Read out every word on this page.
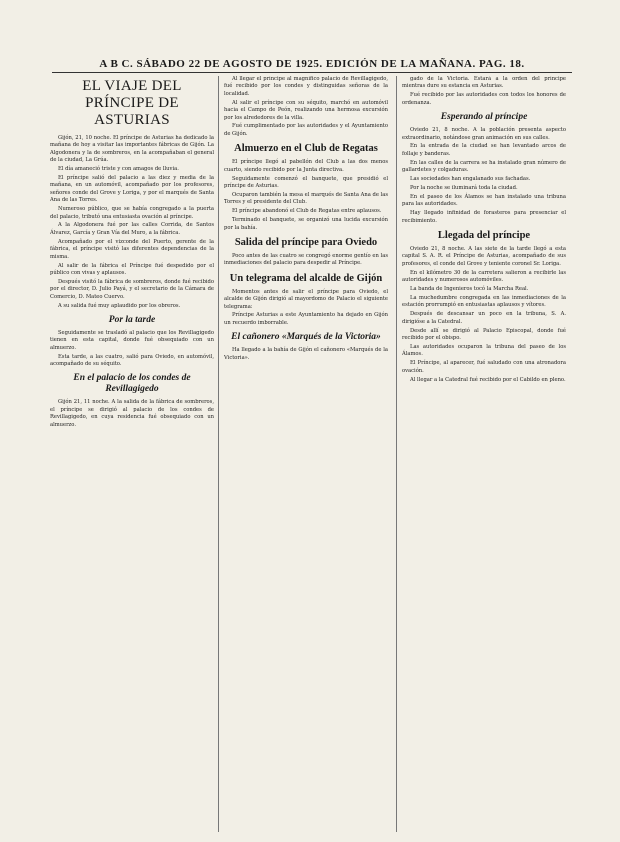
A B C. SÁBADO 22 DE AGOSTO DE 1925. EDICIÓN DE LA MAÑANA. PAG. 18.
EL VIAJE DEL PRÍNCIPE DE ASTURIAS

Gijón, 21, 10 noche. El príncipe de Asturias ha dedicado la mañana de hoy a visitar las importantes fábricas de Gijón. La Algodonera y la de sombreros, en la acompañaban el general de la ciudad, La Grúa.

El día amaneció triste y con amagos de lluvia.

El príncipe salió del palacio a las diez y media de la mañana, en un automóvil, acompañado por los profesores, señores conde del Grove y Loriga, y por el marqués de Santa Ana de las Torres.

Numeroso público, que se había congregado a la puerta del palacio, tributó una entusiasta ovación al príncipe.

A la Algodonera fué por las calles Corrida, de Santos Álvarez, García y Gran Vía del Muro, a la fábrica.

Acompañado por el vizconde del Puerto, gerente de la fábrica, el príncipe visitó las diferentes dependencias de la misma.

Al salir de la fábrica el Príncipe fué despedido por el público con vivas y aplausos.

Después visitó la fábrica de sombreros, donde fué recibido por el director, D. Julio Payá, y el secretario de la Cámara de Comercio, D. Mateo Cuervo.

A su salida fué muy aplaudido por los obreros.

Por la tarde

Seguidamente se trasladó al palacio que los Revillagigedo tienen en esta capital, donde fué obsequiado con un almuerzo.

Esta tarde, a las cuatro, salió para Oviedo, en automóvil, acompañado de su séquito.

En el palacio de los condes de Revillagigedo

Gijón 21, 11 noche. A la salida de la fábrica de sombreros, el príncipe se dirigió al palacio de los condes de Revillagigedo, en cuya residencia fué obsequiado con un almuerzo.

Al llegar el príncipe al magnífico palacio de Revillagigedo, fué recibido por los condes y distinguidas señoras de la localidad.

Al salir el príncipe con su séquito, marchó en automóvil hacia el Campo de Peón, realizando una hermosa excursión por los alrededores de la villa.

Fué cumplimentado por las autoridades y el Ayuntamiento de Gijón.

Almuerzo en el Club de Regatas

El príncipe llegó al pabellón del Club a las dos menos cuarto, siendo recibido por la Junta directiva.

Seguidamente comenzó el banquete, que presidió el príncipe de Asturias.

Ocuparon también la mesa el marqués de Santa Ana de las Torres y el presidente del Club.

El príncipe abandonó el Club de Regatas entre aplausos.

Terminado el banquete, se organizó una lucida excursión por la bahía.

Salida del príncipe para Oviedo

Poco antes de las cuatro se congregó enorme gentío en las inmediaciones del palacio para despedir al Príncipe.

Un telegrama del alcalde de Gijón

Momentos antes de salir el príncipe para Oviedo, el alcalde de Gijón dirigió al mayordomo de Palacio el siguiente telegrama:

Príncipe Asturias a este Ayuntamiento ha dejado en Gijón un recuerdo imborrable.

El cañonero «Marqués de la Victoria»

Ha llegado a la bahía de Gijón el cañonero «Marqués de la Victoria».

gado de la Victoria. Estará a la orden del príncipe mientras dure su estancia en Asturias.

Fué recibido por las autoridades con todos los honores de ordenanza.

Esperando al príncipe

Oviedo 21, 8 noche. A la población presenta aspecto extraordinario, notándose gran animación en sus calles.

En la entrada de la ciudad se han levantado arcos de follaje y banderas.

En las calles de la carrera se ha instalado gran número de gallardetes y colgaduras.

Las sociedades han engalanado sus fachadas.

Por la noche se iluminará toda la ciudad.

En el paseo de los Álamos se han instalado una tribuna para las autoridades.

Hay llegado infinidad de forasteros para presenciar el recibimiento.

Llegada del príncipe

Oviedo 21, 8 noche. A las siete de la tarde llegó a esta capital S. A. R. el Príncipe de Asturias, acompañado de sus profesores, el conde del Grove y teniente coronel Sr. Loriga.

En el kilómetro 30 de la carretera salieron a recibirle las autoridades y numerosos automóviles.

La banda de Ingenieros tocó la Marcha Real.

La muchedumbre congregada en las inmediaciones de la estación prorrumpió en entusiastas aplausos y vítores.

Después de descansar un poco en la tribuna, S. A. dirigióse a la Catedral.

Desde allí se dirigió al Palacio Episcopal, donde fué recibido por el obispo.

Las autoridades ocuparon la tribuna del paseo de los Álamos.

El Príncipe, al aparecer, fué saludado con una atronadora ovación.

Al llegar a la Catedral fué recibido por el Cabildo en pleno.
